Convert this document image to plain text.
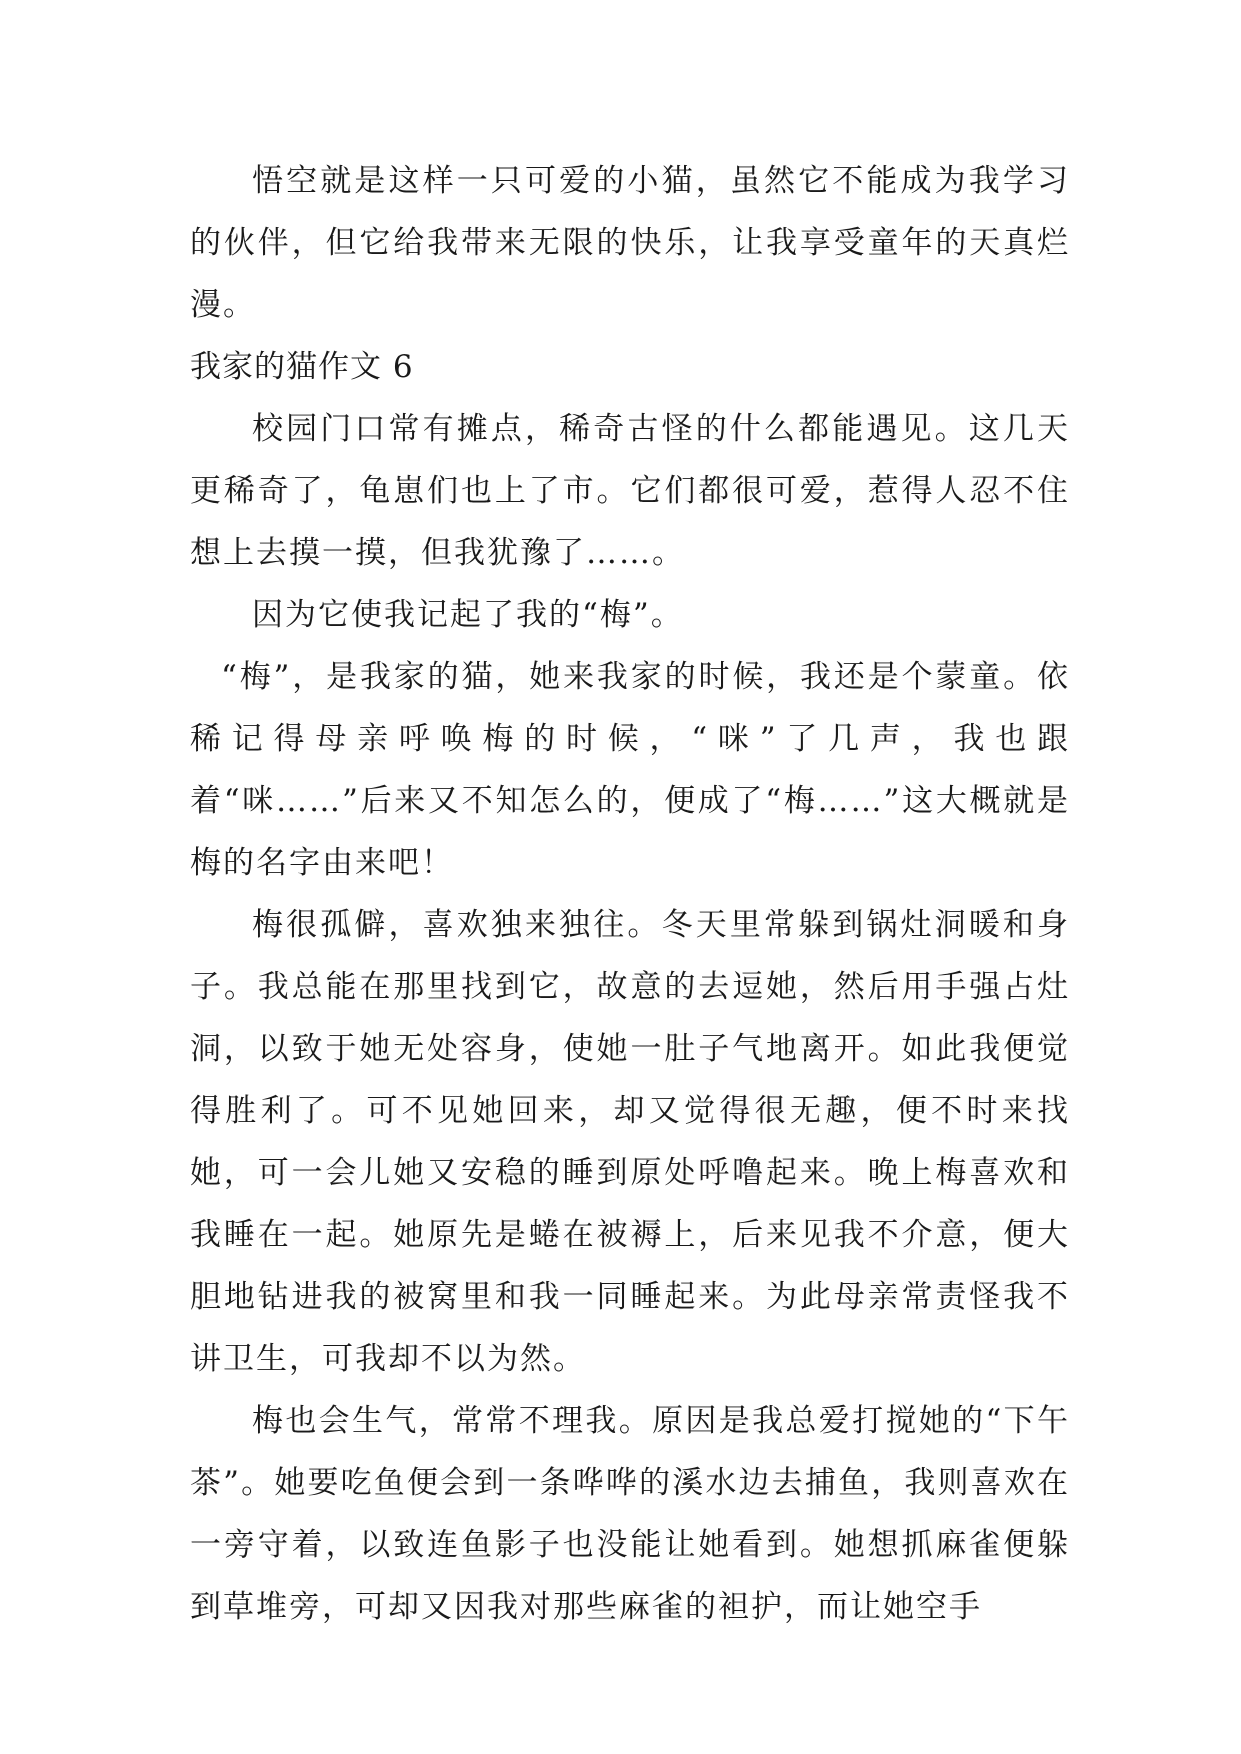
悟空就是这样一只可爱的小猫，虽然它不能成为我学习的伙伴，但它给我带来无限的快乐，让我享受童年的天真烂漫。

我家的猫作文 6

校园门口常有摊点，稀奇古怪的什么都能遇见。这几天更稀奇了，龟崽们也上了市。它们都很可爱，惹得人忍不住想上去摸一摸，但我犹豫了……。

因为它使我记起了我的“梅”。

“梅”，是我家的猫，她来我家的时候，我还是个蒙童。依稀记得母亲呼唤梅的时候，“咪”了几声，我也跟着“咪……”后来又不知怎么的，便成了“梅……”这大概就是梅的名字由来吧！

梅很孤僻，喜欢独来独往。冬天里常躲到锅灶洞暖和身子。我总能在那里找到它，故意的去逗她，然后用手强占灶洞，以致于她无处容身，使她一肚子气地离开。如此我便觉得胜利了。可不见她回来，却又觉得很无趣，便不时来找她，可一会儿她又安稳的睡到原处呼噜起来。晚上梅喜欢和我睡在一起。她原先是蜷在被褥上，后来见我不介意，便大胆地钻进我的被窝里和我一同睡起来。为此母亲常责怪我不讲卫生，可我却不以为然。

梅也会生气，常常不理我。原因是我总爱打搅她的“下午茶”。她要吃鱼便会到一条哗哗的溪水边去捕鱼，我则喜欢在一旁守着，以致连鱼影子也没能让她看到。她想抓麻雀便躲到草堆旁，可却又因我对那些麻雀的袒护，而让她空手
